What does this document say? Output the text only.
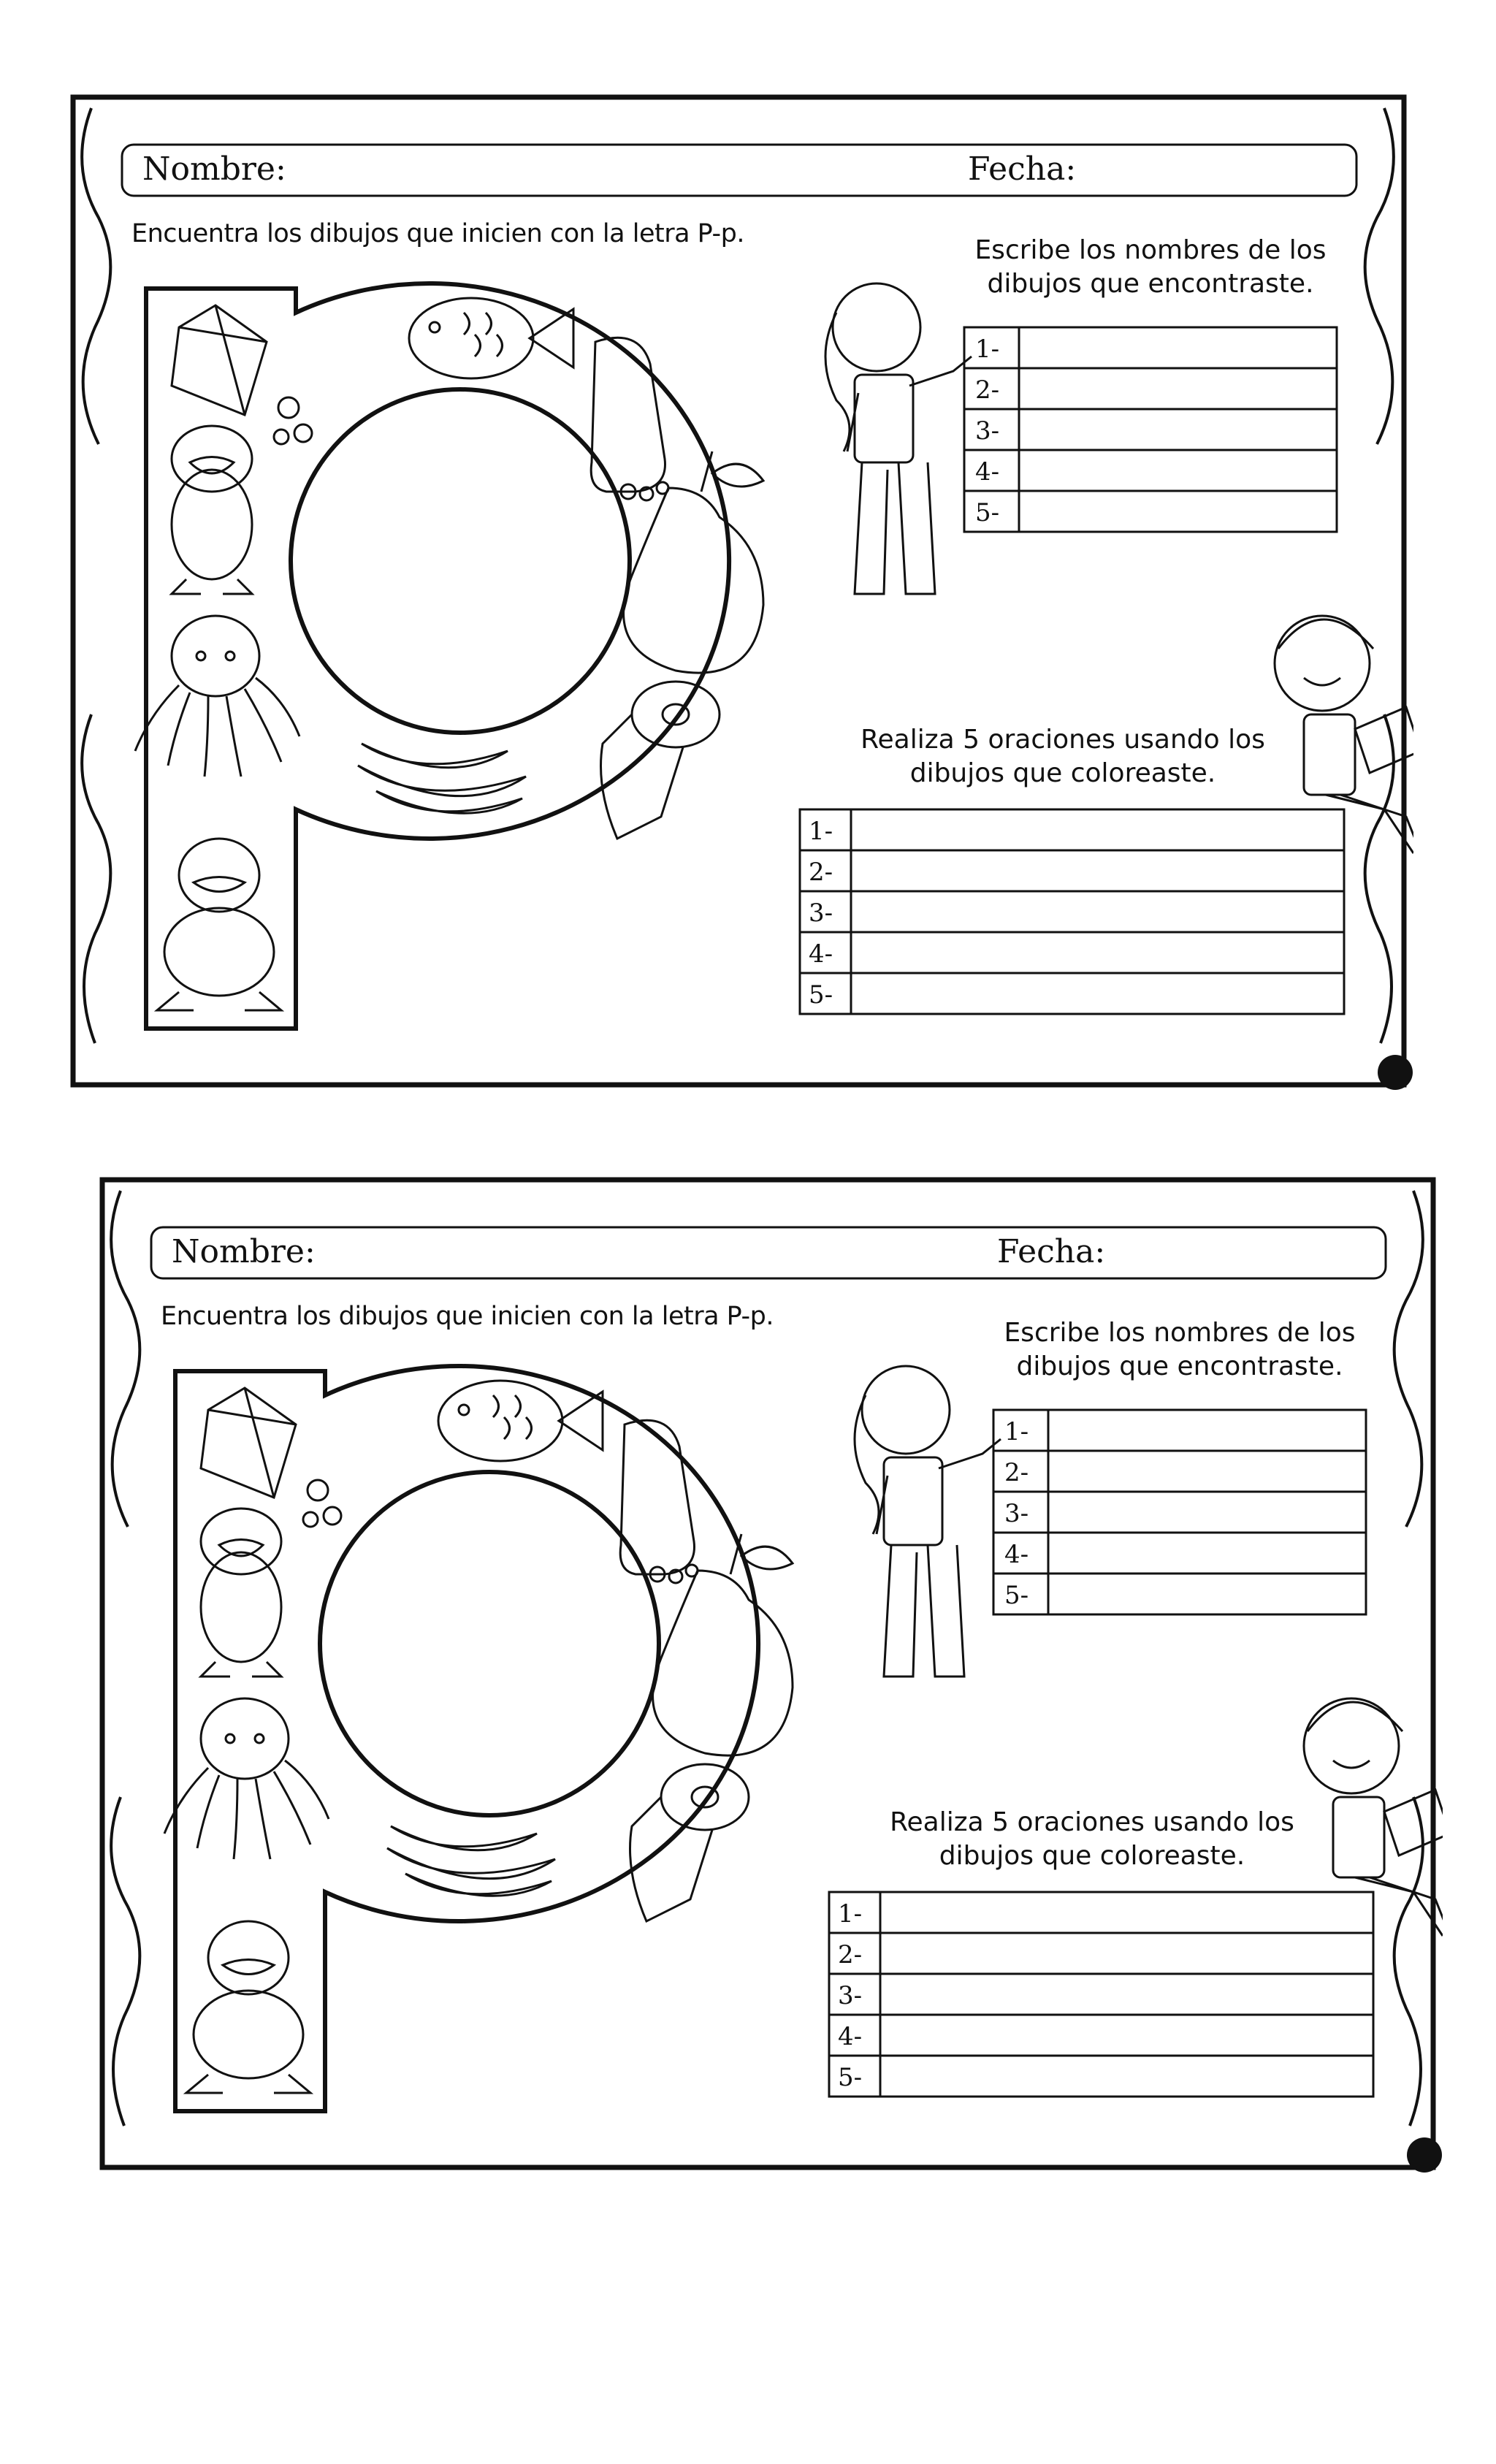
Nombre:	Fecha:
Encuentra los dibujos que inicien con la letra P-p.
Escribe los nombres de los
dibujos que encontraste.
1-
2-
3-
4-
5-
Realiza 5 oraciones usando los
dibujos que coloreaste.
1-
2-
3-
4-
5-
Nombre:	Fecha:
Encuentra los dibujos que inicien con la letra P-p.
Escribe los nombres de los
dibujos que encontraste.
1-
2-
3-
4-
5-
Realiza 5 oraciones usando los
dibujos que coloreaste.
1-
2-
3-
4-
5-
